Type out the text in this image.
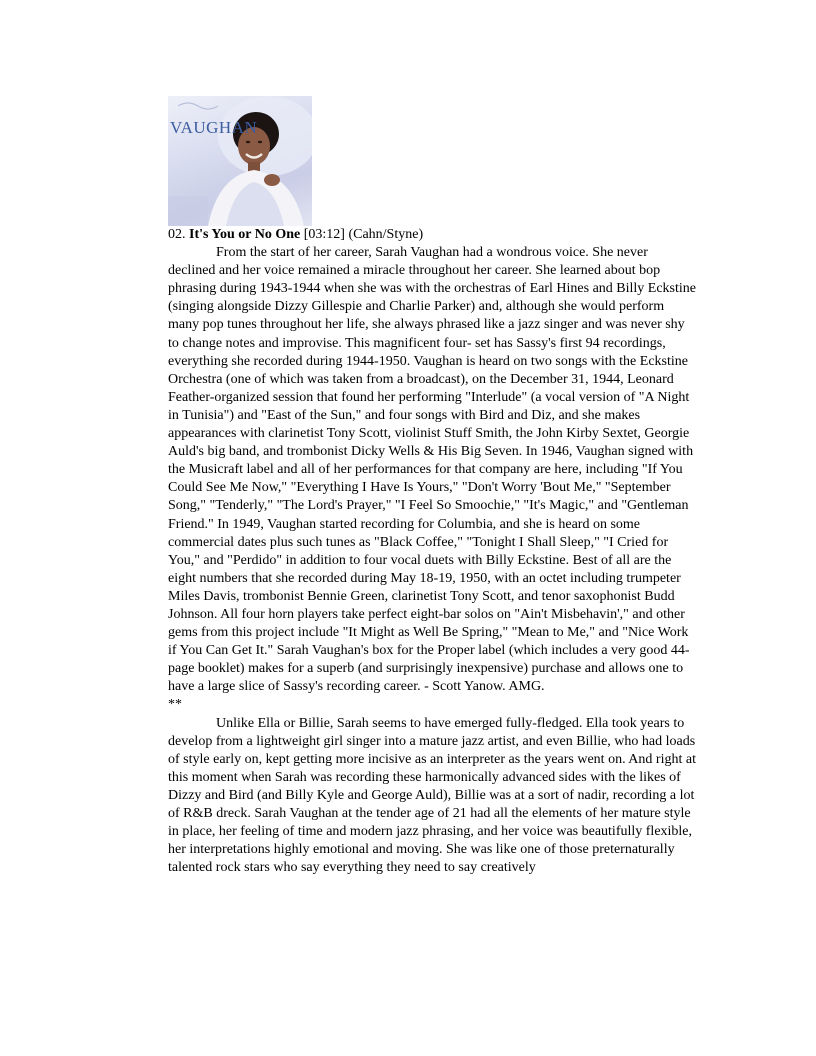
VAUGHAN

02. It's You or No One [03:12] (Cahn/Styne)

From the start of her career, Sarah Vaughan had a wondrous voice. She never declined and her voice remained a miracle throughout her career. She learned about bop phrasing during 1943-1944 when she was with the orchestras of Earl Hines and Billy Eckstine (singing alongside Dizzy Gillespie and Charlie Parker) and, although she would perform many pop tunes throughout her life, she always phrased like a jazz singer and was never shy to change notes and improvise. This magnificent four- set has Sassy's first 94 recordings, everything she recorded during 1944-1950. Vaughan is heard on two songs with the Eckstine Orchestra (one of which was taken from a broadcast), on the December 31, 1944, Leonard Feather-organized session that found her performing "Interlude" (a vocal version of "A Night in Tunisia") and "East of the Sun," and four songs with Bird and Diz, and she makes appearances with clarinetist Tony Scott, violinist Stuff Smith, the John Kirby Sextet, Georgie Auld's big band, and trombonist Dicky Wells & His Big Seven. In 1946, Vaughan signed with the Musicraft label and all of her performances for that company are here, including "If You Could See Me Now," "Everything I Have Is Yours," "Don't Worry 'Bout Me," "September Song," "Tenderly," "The Lord's Prayer," "I Feel So Smoochie," "It's Magic," and "Gentleman Friend." In 1949, Vaughan started recording for Columbia, and she is heard on some commercial dates plus such tunes as "Black Coffee," "Tonight I Shall Sleep," "I Cried for You," and "Perdido" in addition to four vocal duets with Billy Eckstine. Best of all are the eight numbers that she recorded during May 18-19, 1950, with an octet including trumpeter Miles Davis, trombonist Bennie Green, clarinetist Tony Scott, and tenor saxophonist Budd Johnson. All four horn players take perfect eight-bar solos on "Ain't Misbehavin'," and other gems from this project include "It Might as Well Be Spring," "Mean to Me," and "Nice Work if You Can Get It." Sarah Vaughan's box for the Proper label (which includes a very good 44-page booklet) makes for a superb (and surprisingly inexpensive) purchase and allows one to have a large slice of Sassy's recording career. - Scott Yanow. AMG.

**

Unlike Ella or Billie, Sarah seems to have emerged fully-fledged. Ella took years to develop from a lightweight girl singer into a mature jazz artist, and even Billie, who had loads of style early on, kept getting more incisive as an interpreter as the years went on. And right at this moment when Sarah was recording these harmonically advanced sides with the likes of Dizzy and Bird (and Billy Kyle and George Auld), Billie was at a sort of nadir, recording a lot of R&B dreck. Sarah Vaughan at the tender age of 21 had all the elements of her mature style in place, her feeling of time and modern jazz phrasing, and her voice was beautifully flexible, her interpretations highly emotional and moving. She was like one of those preternaturally talented rock stars who say everything they need to say creatively
